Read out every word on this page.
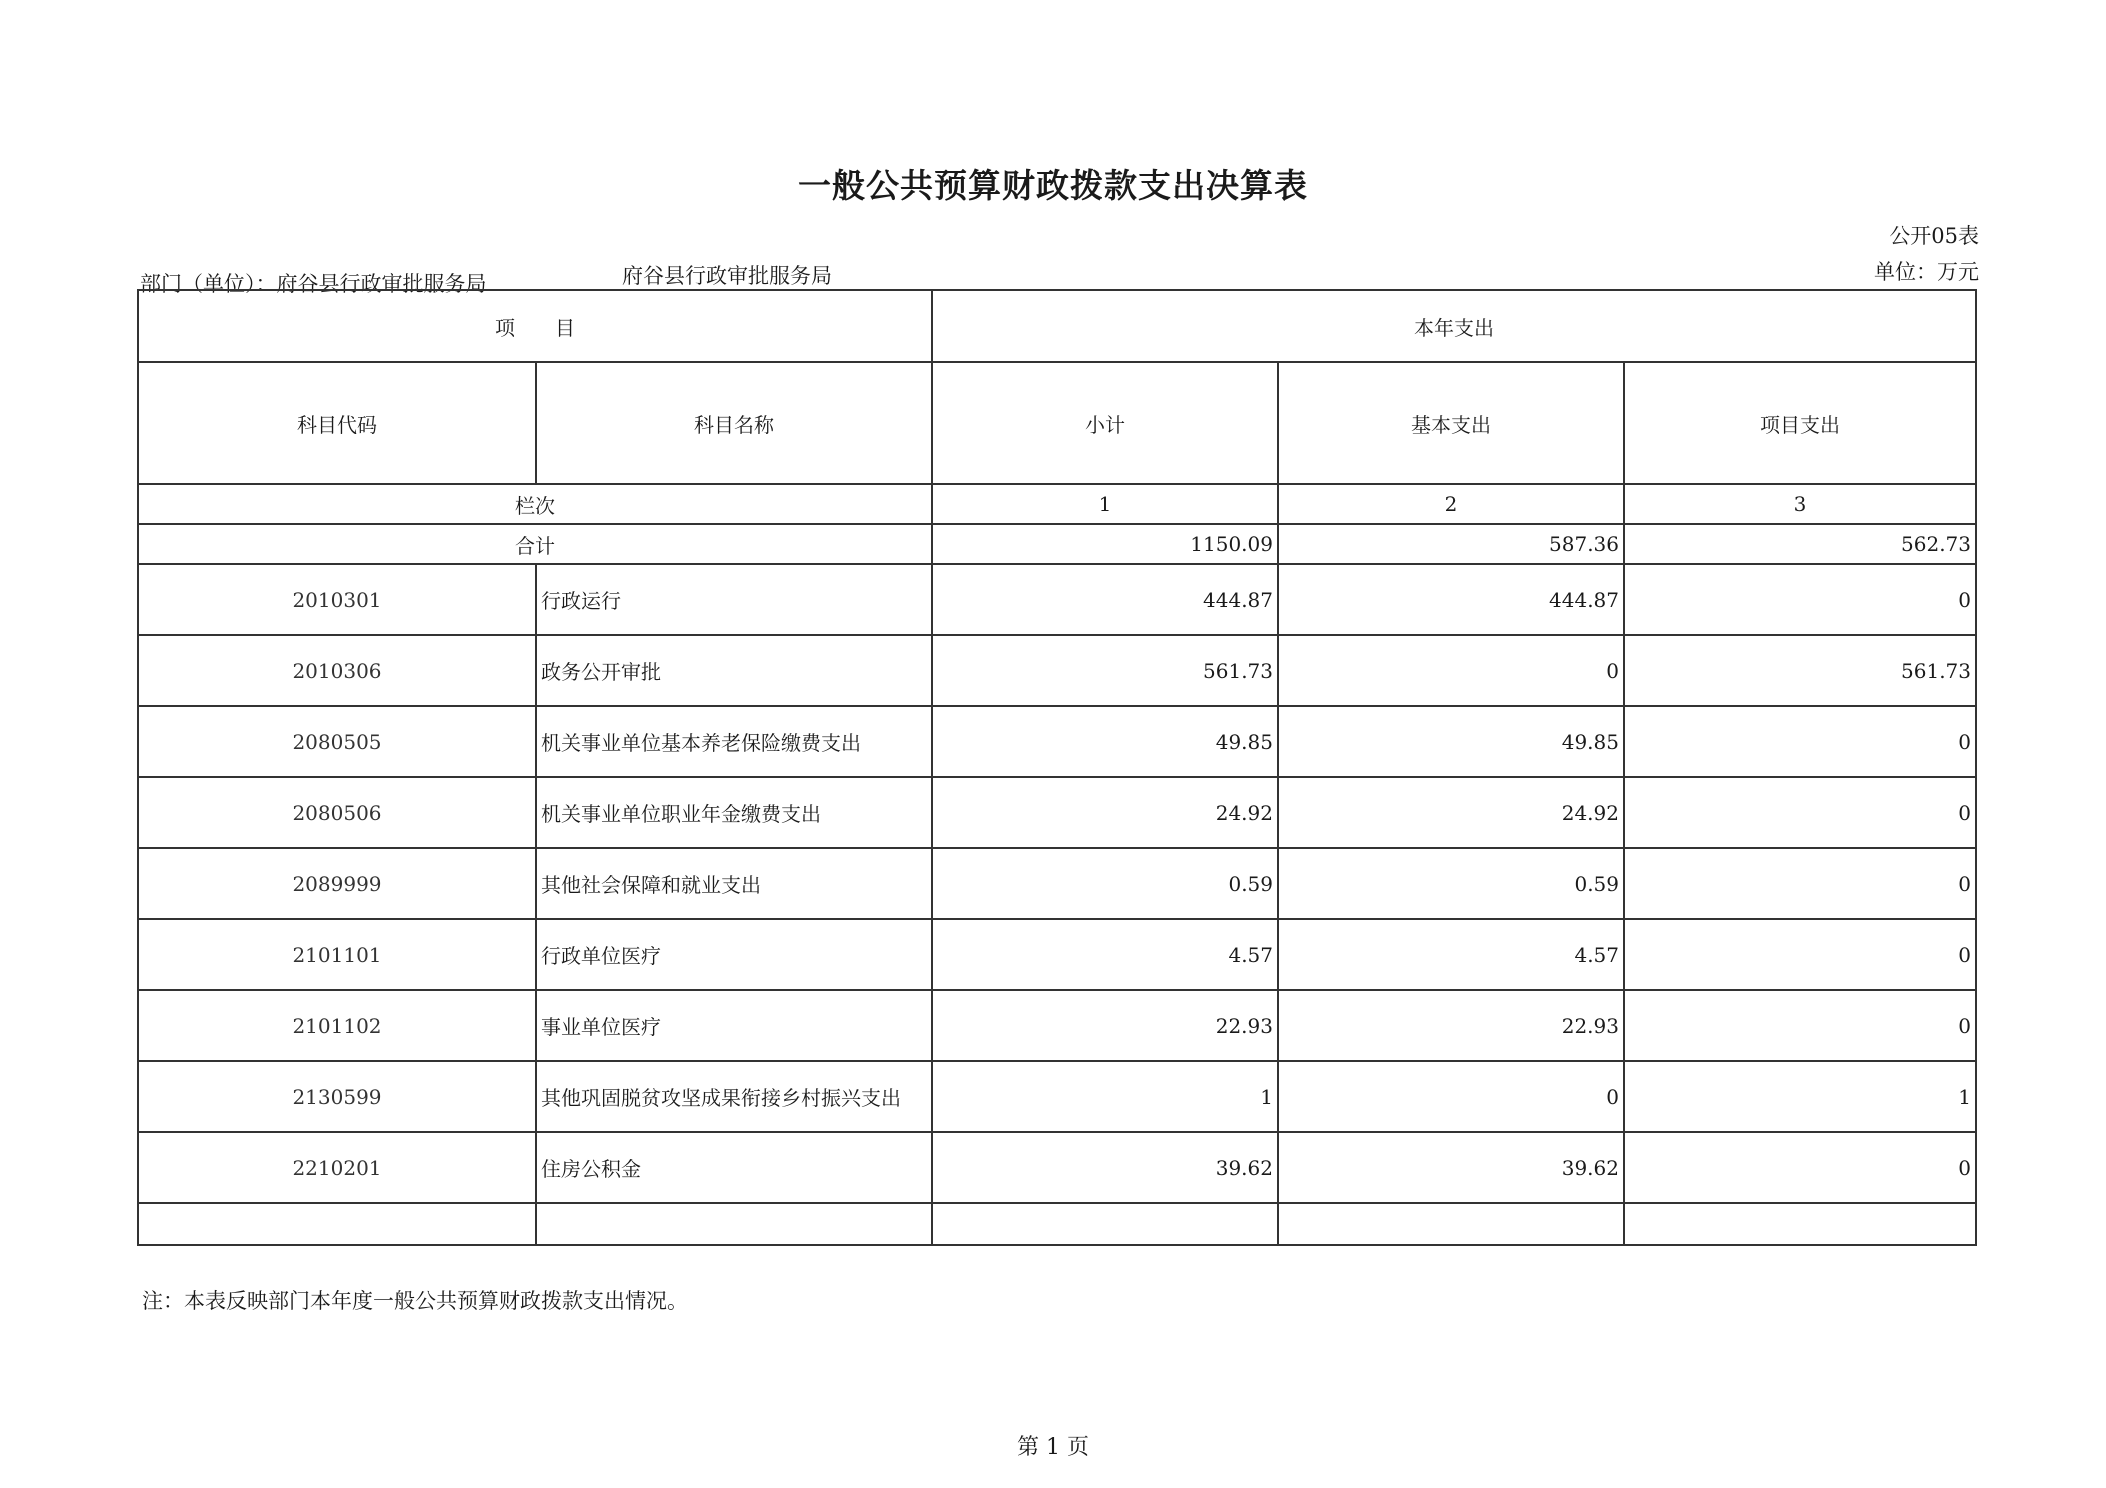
一般公共预算财政拨款支出决算表
公开05表
部门（单位）：府谷县行政审批服务局	府谷县行政审批服务局	单位：万元
项　　目		本年支出		
科目代码	科目名称	小计	基本支出	项目支出
栏次		1	2	3
合计		1150.09	587.36	562.73
2010301	行政运行	444.87	444.87	0
2010306	政务公开审批	561.73	0	561.73
2080505	机关事业单位基本养老保险缴费支出	49.85	49.85	0
2080506	机关事业单位职业年金缴费支出	24.92	24.92	0
2089999	其他社会保障和就业支出	0.59	0.59	0
2101101	行政单位医疗	4.57	4.57	0
2101102	事业单位医疗	22.93	22.93	0
2130599	其他巩固脱贫攻坚成果衔接乡村振兴支出	1	0	1
2210201	住房公积金	39.62	39.62	0

注：本表反映部门本年度一般公共预算财政拨款支出情况。
第 1 页
